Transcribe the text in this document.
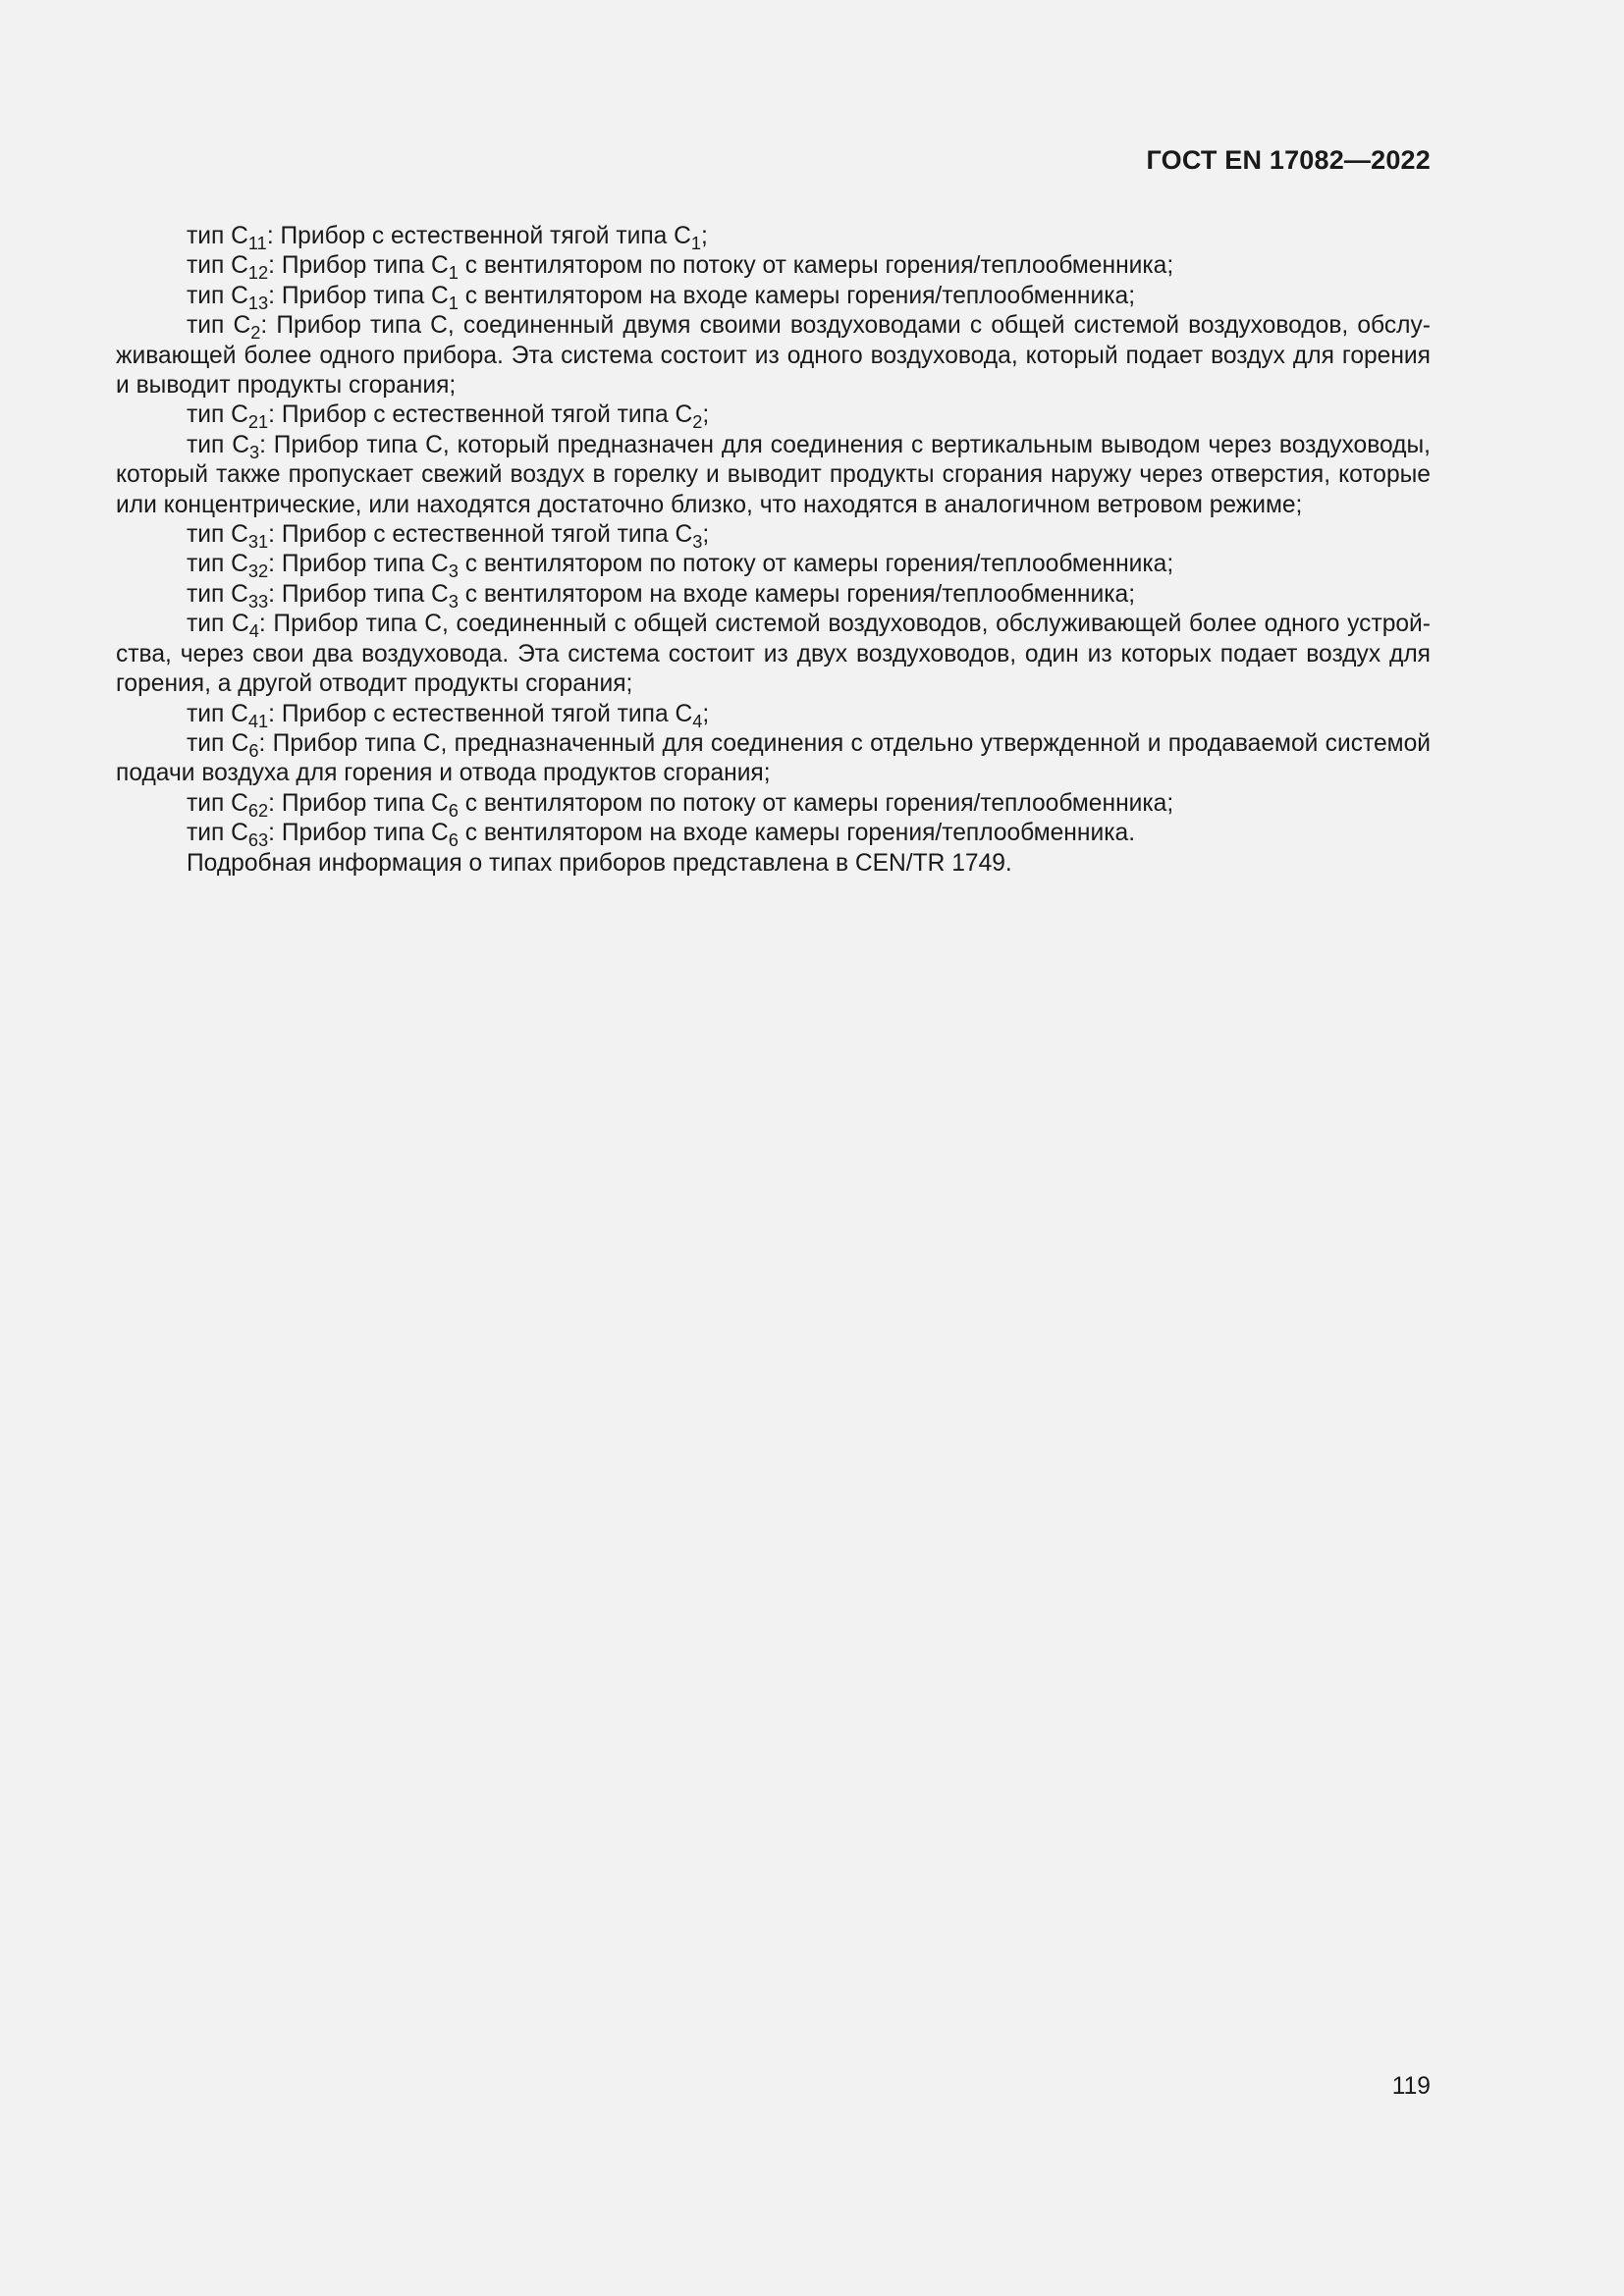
ГОСТ EN 17082—2022

тип $C_{11}$: Прибор с естественной тягой типа $C_1$;

тип $C_{12}$: Прибор типа $C_1$ с вентилятором по потоку от камеры горения/теплообменника;

тип $C_{13}$: Прибор типа $C_1$ с вентилятором на входе камеры горения/теплообменника;

тип $C_2$: Прибор типа C, соединенный двумя своими воздуховодами с общей системой воздуховодов, обслуживающей более одного прибора. Эта система состоит из одного воздуховода, который подает воздух для горения и выводит продукты сгорания;

тип $C_{21}$: Прибор с естественной тягой типа $C_2$;

тип $C_3$: Прибор типа C, который предназначен для соединения с вертикальным выводом через воздуховоды, который также пропускает свежий воздух в горелку и выводит продукты сгорания наружу через отверстия, которые или концентрические, или находятся достаточно близко, что находятся в аналогичном ветровом режиме;

тип $C_{31}$: Прибор с естественной тягой типа $C_3$;

тип $C_{32}$: Прибор типа $C_3$ с вентилятором по потоку от камеры горения/теплообменника;

тип $C_{33}$: Прибор типа $C_3$ с вентилятором на входе камеры горения/теплообменника;

тип $C_4$: Прибор типа C, соединенный с общей системой воздуховодов, обслуживающей более одного устройства, через свои два воздуховода. Эта система состоит из двух воздуховодов, один из которых подает воздух для горения, а другой отводит продукты сгорания;

тип $C_{41}$: Прибор с естественной тягой типа $C_4$;

тип $C_6$: Прибор типа C, предназначенный для соединения с отдельно утвержденной и продаваемой системой подачи воздуха для горения и отвода продуктов сгорания;

тип $C_{62}$: Прибор типа $C_6$ с вентилятором по потоку от камеры горения/теплообменника;

тип $C_{63}$: Прибор типа $C_6$ с вентилятором на входе камеры горения/теплообменника.

Подробная информация о типах приборов представлена в CEN/TR 1749.

119
